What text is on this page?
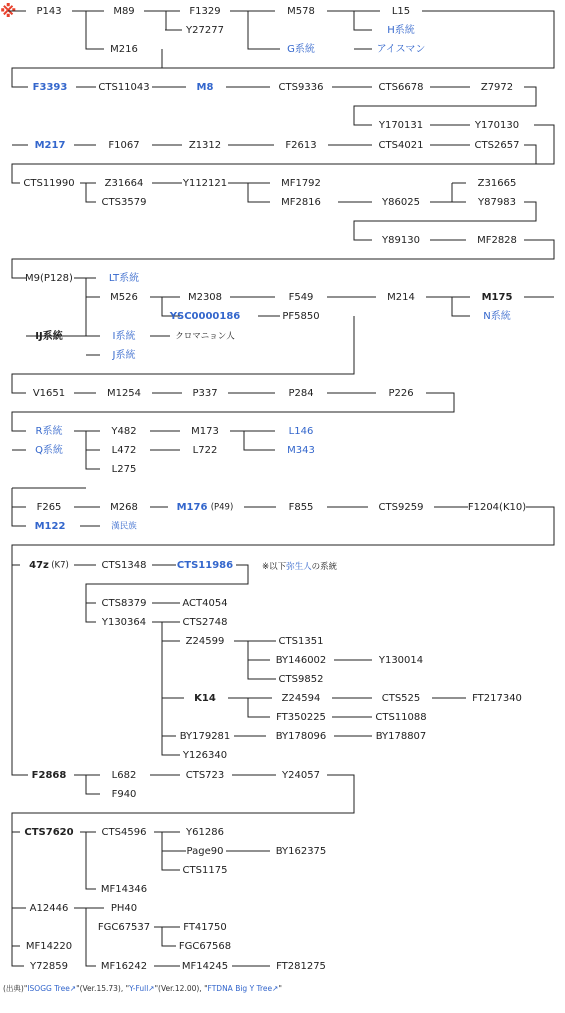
※ P143	M89	F1329	M578	L15
Y27277	H系統
M216	G系統	アイスマン
F3393	CTS11043	M8	CTS9336	CTS6678	Z7972
Y170131	Y170130
M217	F1067	Z1312	F2613	CTS4021	CTS2657
CTS11990	Z31664	Y112121	MF1792	Z31665
CTS3579	MF2816	Y86025	Y87983
Y89130	MF2828
M9(P128)	LT系統
M526	M2308	F549	M214	M175
YSC0000186	PF5850	N系統
IJ系統	I系統	クロマニョン人
J系統
V1651	M1254	P337	P284	P226
R系統	Y482	M173	L146
Q系統	L472	L722	M343
L275
F265	M268	M176 (P49)	F855	CTS9259	F1204(K10)
M122	漢民族
47z (K7)	CTS1348	CTS11986
CTS8379	ACT4054
Y130364	CTS2748
Z24599	CTS1351
BY146002	Y130014
CTS9852
K14	Z24594	CTS525	FT217340
FT350225	CTS11088
BY179281	BY178096	BY178807
Y126340
F2868	L682	CTS723	Y24057
F940
CTS7620	CTS4596	Y61286
Page90	BY162375
CTS1175
MF14346
A12446	PH40
FGC67537	FT41750
FGC67568
MF14220
Y72859	MF16242	MF14245	FT281275
※以下弥生人の系統
(出典)"ISOGG Tree↗"(Ver.15.73), "Y-Full↗"(Ver.12.00), "FTDNA Big Y Tree↗"
